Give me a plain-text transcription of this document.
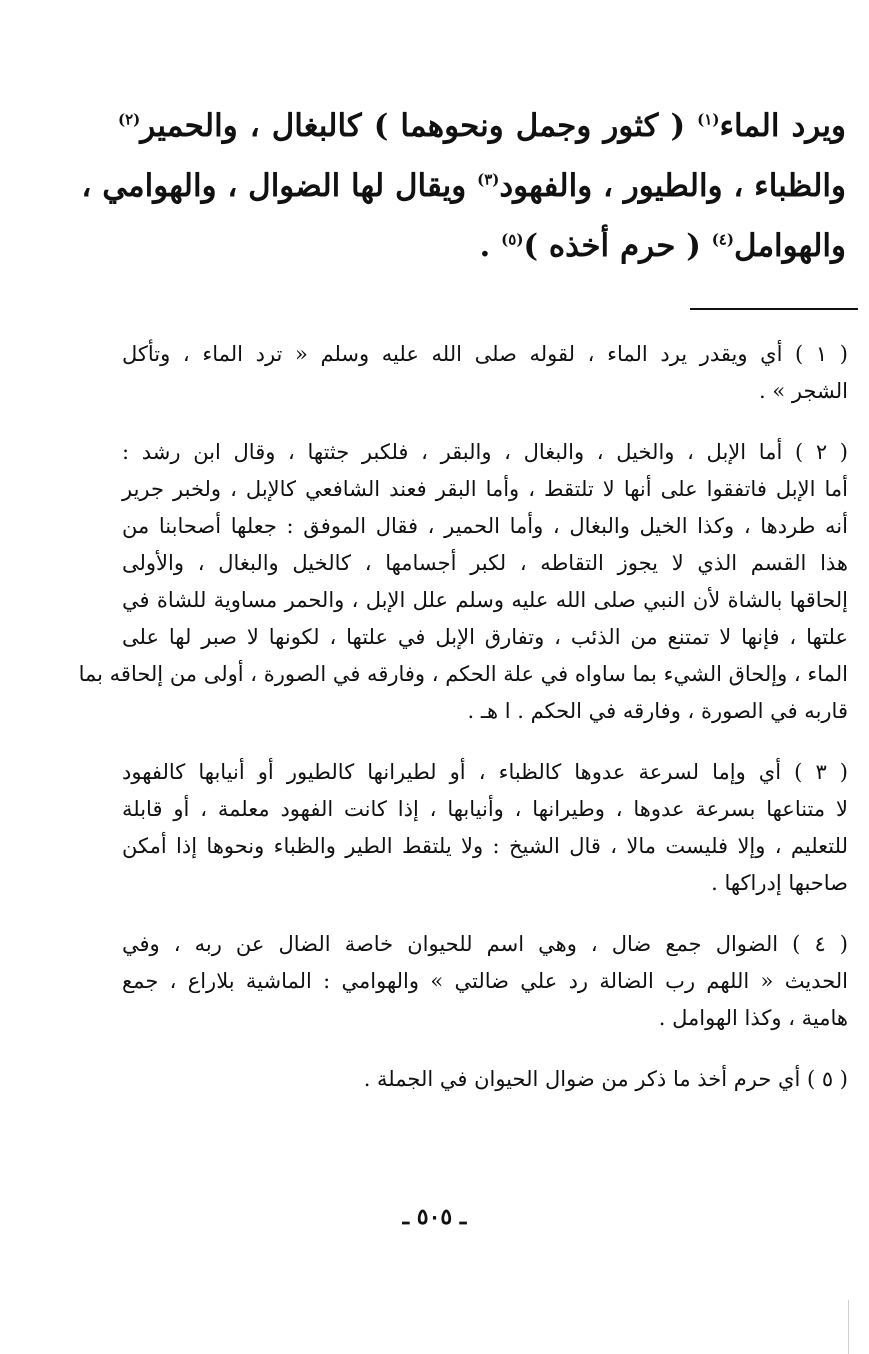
ويرد الماء$^{(١)}$ ( كثور وجمل ونحوهما ) كالبغال ، والحمير$^{(٢)}$
والظباء ، والطيور ، والفهود$^{(٣)}$ ويقال لها الضوال ، والهوامي ،
والهوامل$^{(٤)}$ ( حرم أخذه )$^{(٥)}$ .
( ١ ) أي ويقدر يرد الماء ، لقوله صلى الله عليه وسلم « ترد الماء ، وتأكل
الشجر » .
( ٢ ) أما الإبل ، والخيل ، والبغال ، والبقر ، فلكبر جثتها ، وقال ابن رشد :
أما الإبل فاتفقوا على أنها لا تلتقط ، وأما البقر فعند الشافعي كالإبل ، ولخبر جرير
أنه طردها ، وكذا الخيل والبغال ، وأما الحمير ، فقال الموفق : جعلها أصحابنا من
هذا القسم الذي لا يجوز التقاطه ، لكبر أجسامها ، كالخيل والبغال ، والأولى
إلحاقها بالشاة لأن النبي صلى الله عليه وسلم علل الإبل ، والحمر مساوية للشاة في
علتها ، فإنها لا تمتنع من الذئب ، وتفارق الإبل في علتها ، لكونها لا صبر لها على
الماء ، وإلحاق الشيء بما ساواه في علة الحكم ، وفارقه في الصورة ، أولى من إلحاقه بما
قاربه في الصورة ، وفارقه في الحكم . ا هـ .
( ٣ ) أي وإما لسرعة عدوها كالظباء ، أو لطيرانها كالطيور أو أنيابها كالفهود
لا متناعها بسرعة عدوها ، وطيرانها ، وأنيابها ، إذا كانت الفهود معلمة ، أو قابلة
للتعليم ، وإلا فليست مالا ، قال الشيخ : ولا يلتقط الطير والظباء ونحوها إذا أمكن
صاحبها إدراكها .
( ٤ ) الضوال جمع ضال ، وهي اسم للحيوان خاصة الضال عن ربه ، وفي
الحديث « اللهم رب الضالة رد علي ضالتي » والهوامي : الماشية بلاراع ، جمع
هامية ، وكذا الهوامل .
( ٥ ) أي حرم أخذ ما ذكر من ضوال الحيوان في الجملة .
ـ ٥٠٥ ـ
